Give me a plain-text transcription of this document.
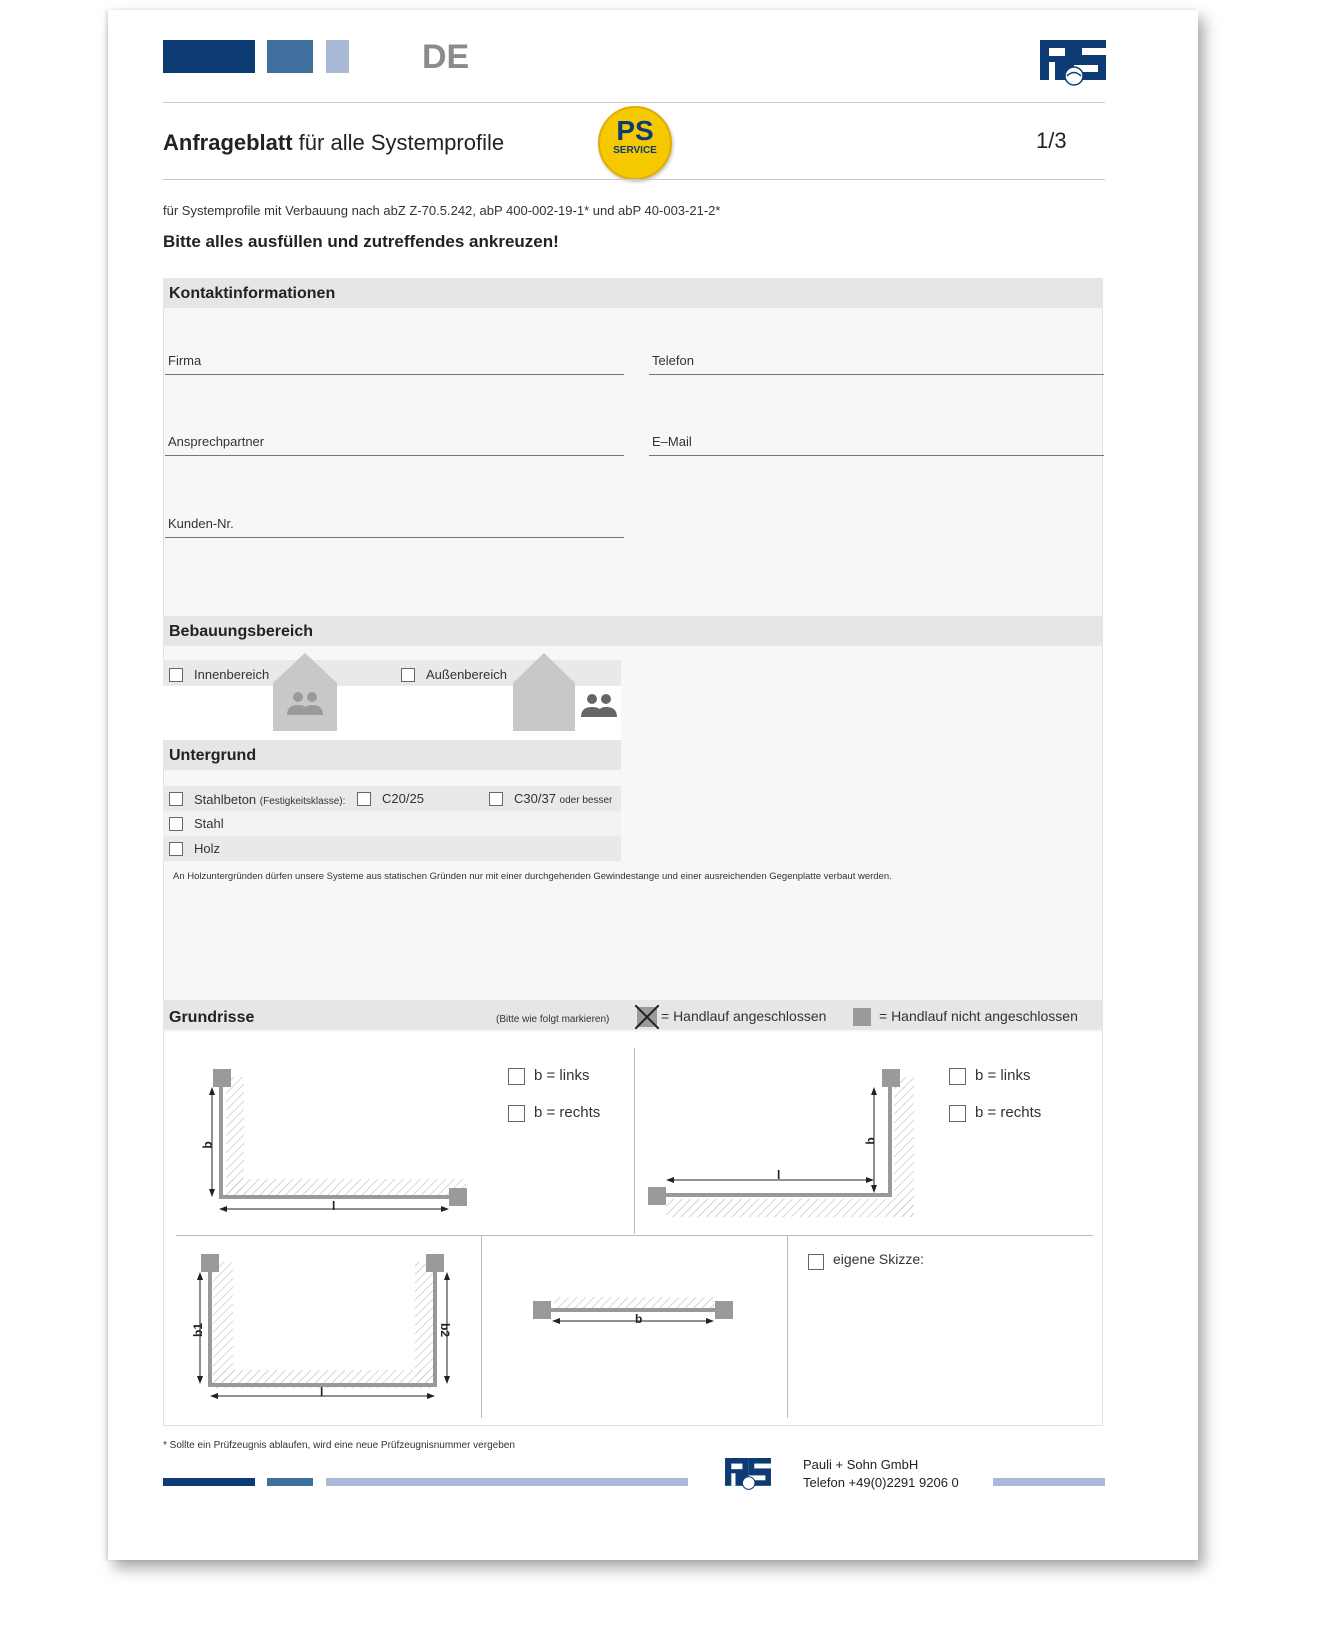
DE
Anfrageblatt für alle Systemprofile	PS
SERVICE	1/3
für Systemprofile mit Verbauung nach abZ Z-70.5.242, abP 400-002-19-1* und abP 40-003-21-2*
Bitte alles ausfüllen und zutreffendes ankreuzen!
Kontaktinformationen
Firma	Telefon
Ansprechpartner	E–Mail
Kunden-Nr.
Bebauungsbereich
Innenbereich	Außenbereich
Untergrund
Stahlbeton (Festigkeitsklasse):	C20/25	C30/37 oder besser
Stahl
Holz
An Holzuntergründen dürfen unsere Systeme aus statischen Gründen nur mit einer durchgehenden Gewindestange und einer ausreichenden Gegenplatte verbaut werden.
Grundrisse	(Bitte wie folgt markieren)	= Handlauf angeschlossen	= Handlauf nicht angeschlossen
b
l
b = links
b = rechts
b
l
b = links
b = rechts
b1	b2
l
b
eigene Skizze:
* Sollte ein Prüfzeugnis ablaufen, wird eine neue Prüfzeugnisnummer vergeben
Pauli + Sohn GmbH
Telefon +49(0)2291 9206 0
